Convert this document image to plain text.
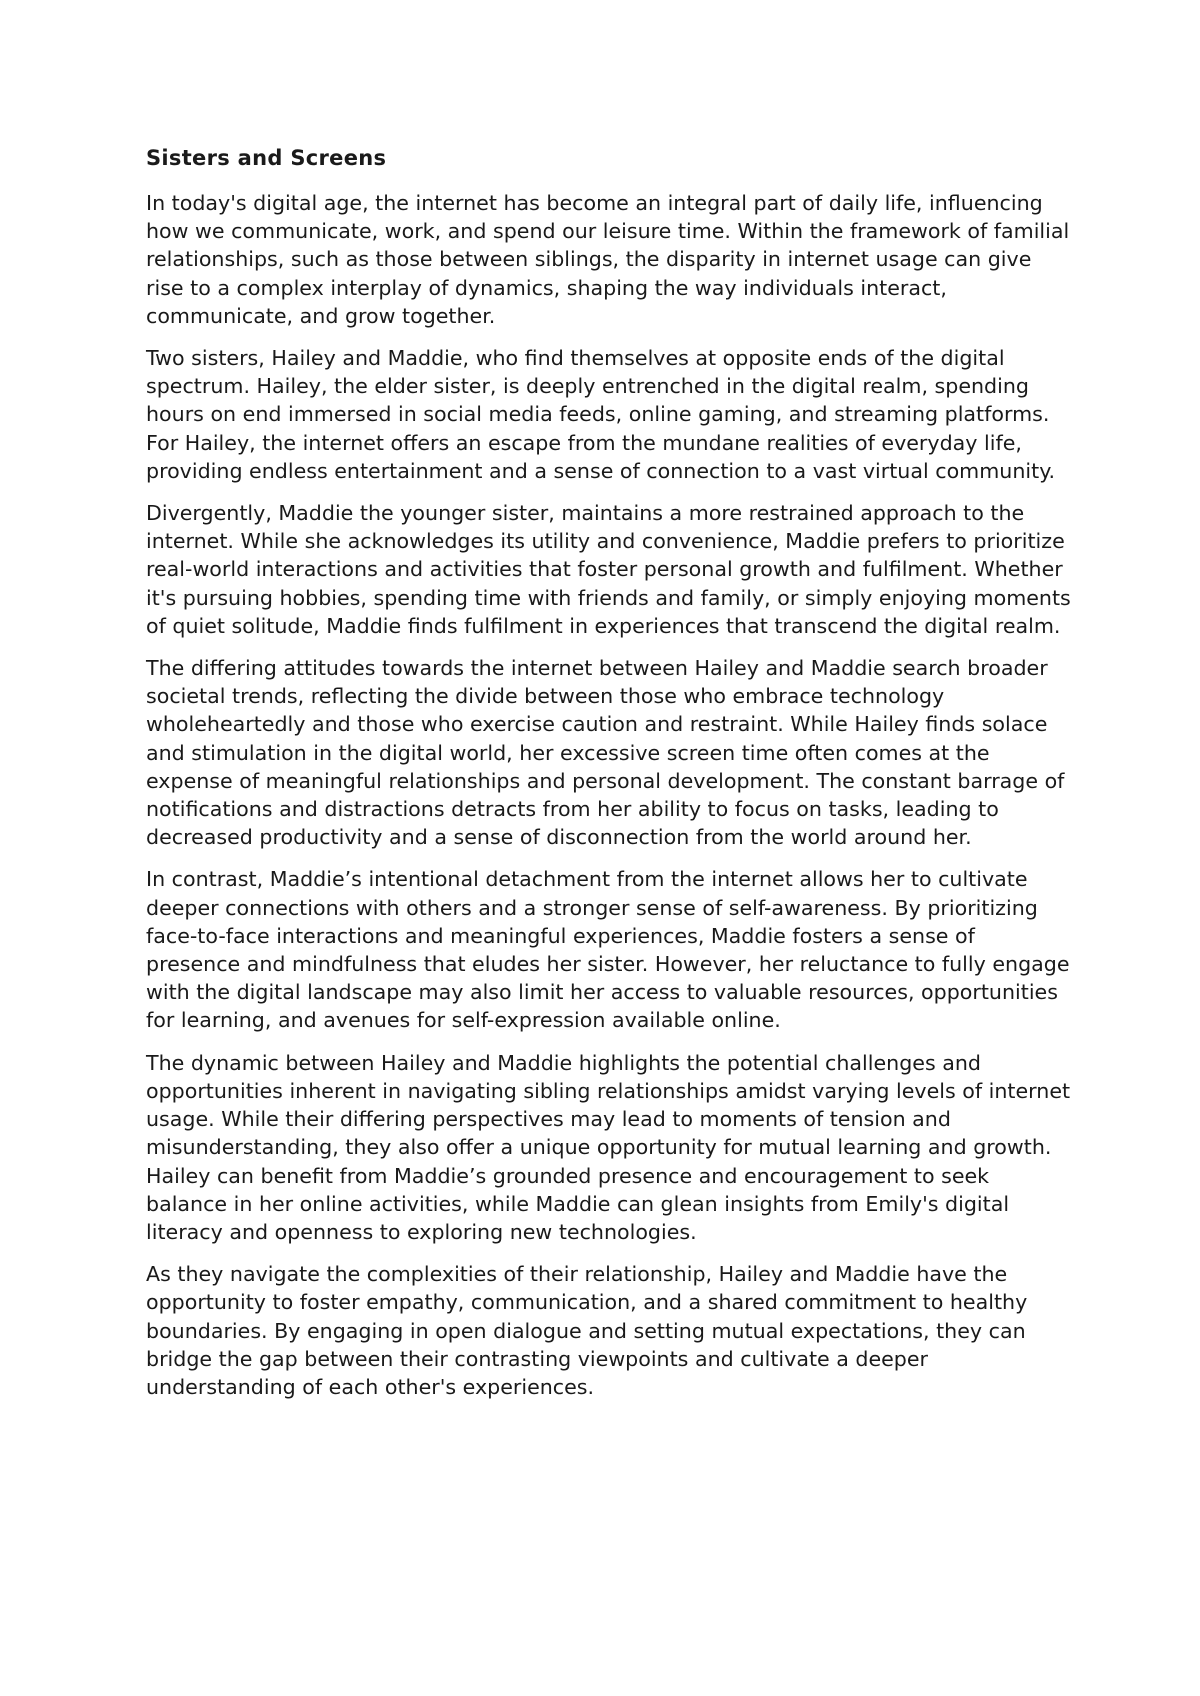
Sisters and Screens

In today's digital age, the internet has become an integral part of daily life, influencing how we communicate, work, and spend our leisure time. Within the framework of familial relationships, such as those between siblings, the disparity in internet usage can give rise to a complex interplay of dynamics, shaping the way individuals interact, communicate, and grow together.

Two sisters, Hailey and Maddie, who find themselves at opposite ends of the digital spectrum. Hailey, the elder sister, is deeply entrenched in the digital realm, spending hours on end immersed in social media feeds, online gaming, and streaming platforms. For Hailey, the internet offers an escape from the mundane realities of everyday life, providing endless entertainment and a sense of connection to a vast virtual community.

Divergently, Maddie the younger sister, maintains a more restrained approach to the internet. While she acknowledges its utility and convenience, Maddie prefers to prioritize real-world interactions and activities that foster personal growth and fulfilment. Whether it's pursuing hobbies, spending time with friends and family, or simply enjoying moments of quiet solitude, Maddie finds fulfilment in experiences that transcend the digital realm.

The differing attitudes towards the internet between Hailey and Maddie search broader societal trends, reflecting the divide between those who embrace technology wholeheartedly and those who exercise caution and restraint. While Hailey finds solace and stimulation in the digital world, her excessive screen time often comes at the expense of meaningful relationships and personal development. The constant barrage of notifications and distractions detracts from her ability to focus on tasks, leading to decreased productivity and a sense of disconnection from the world around her.

In contrast, Maddie’s intentional detachment from the internet allows her to cultivate deeper connections with others and a stronger sense of self-awareness. By prioritizing face-to-face interactions and meaningful experiences, Maddie fosters a sense of presence and mindfulness that eludes her sister. However, her reluctance to fully engage with the digital landscape may also limit her access to valuable resources, opportunities for learning, and avenues for self-expression available online.

The dynamic between Hailey and Maddie highlights the potential challenges and opportunities inherent in navigating sibling relationships amidst varying levels of internet usage. While their differing perspectives may lead to moments of tension and misunderstanding, they also offer a unique opportunity for mutual learning and growth. Hailey can benefit from Maddie’s grounded presence and encouragement to seek balance in her online activities, while Maddie can glean insights from Emily's digital literacy and openness to exploring new technologies.

As they navigate the complexities of their relationship, Hailey and Maddie have the opportunity to foster empathy, communication, and a shared commitment to healthy boundaries. By engaging in open dialogue and setting mutual expectations, they can bridge the gap between their contrasting viewpoints and cultivate a deeper understanding of each other's experiences.
